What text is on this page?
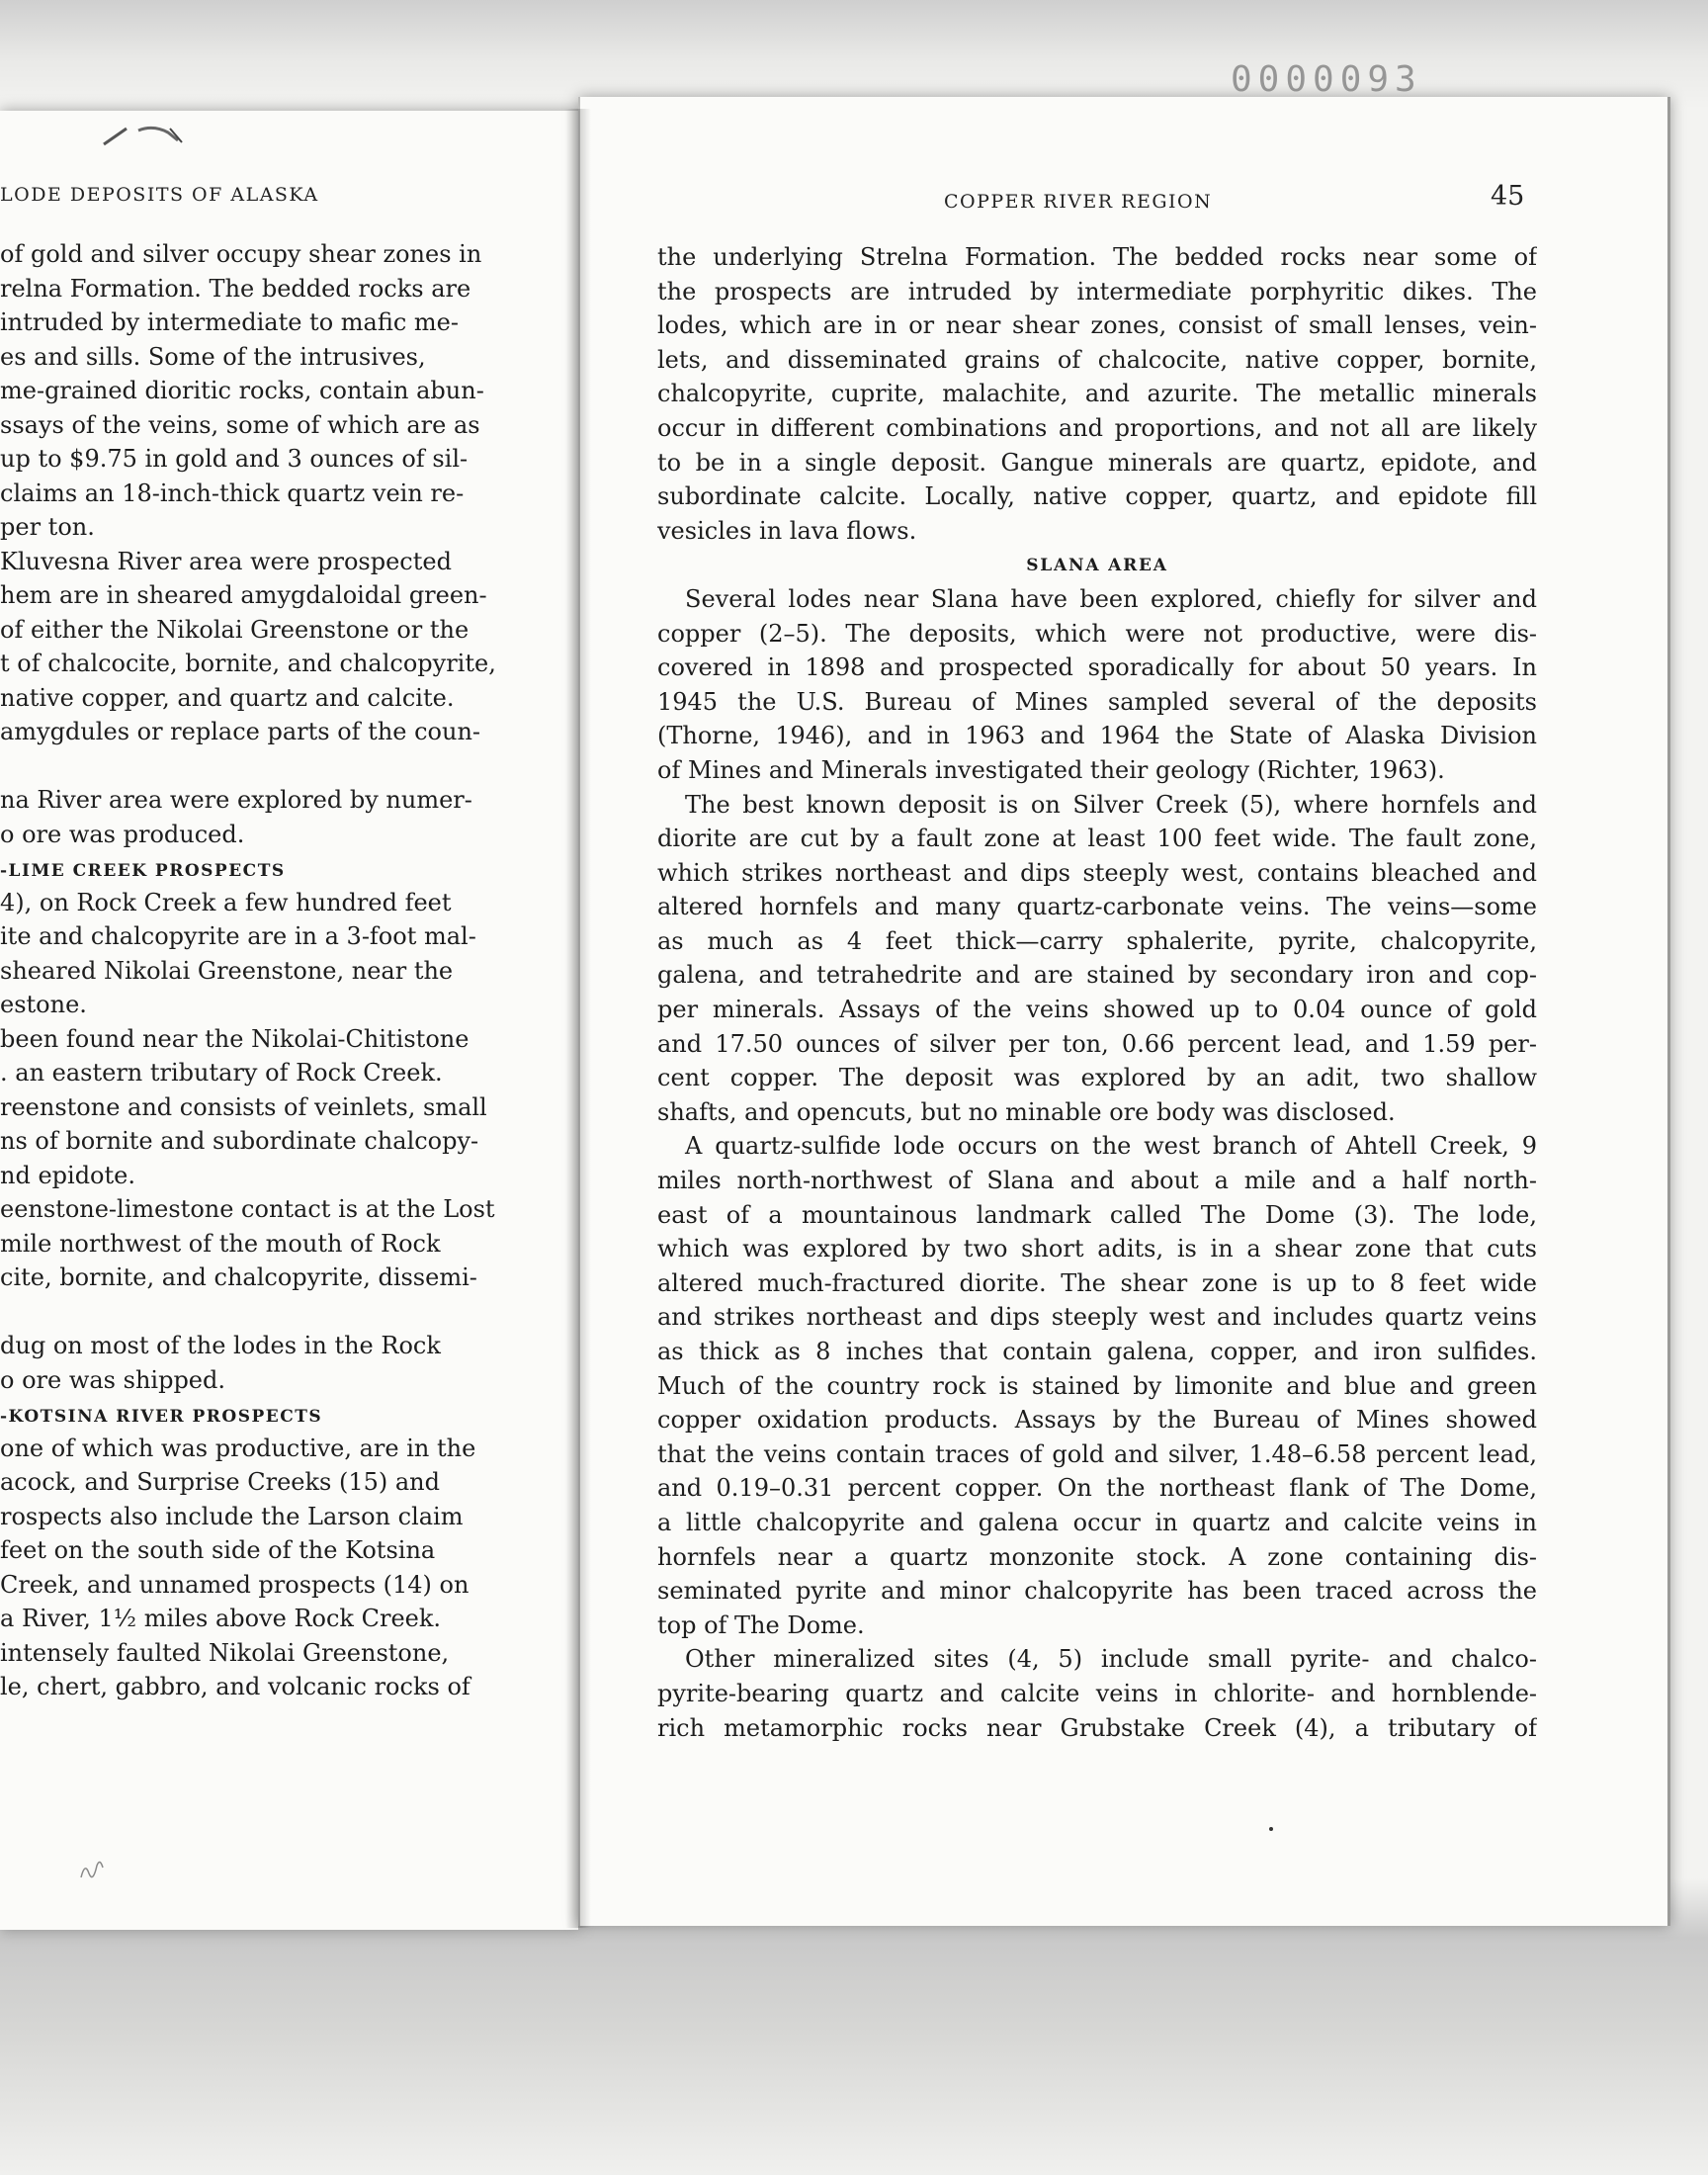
0000093
LODE DEPOSITS OF ALASKA	COPPER RIVER REGION	45
of gold and silver occupy shear zones in
relna Formation. The bedded rocks are
intruded by intermediate to mafic me-
es and sills. Some of the intrusives,
me-grained dioritic rocks, contain abun-
ssays of the veins, some of which are as
up to $9.75 in gold and 3 ounces of sil-
claims an 18-inch-thick quartz vein re-
per ton.
Kluvesna River area were prospected
hem are in sheared amygdaloidal green-
of either the Nikolai Greenstone or the
t of chalcocite, bornite, and chalcopyrite,
native copper, and quartz and calcite.
amygdules or replace parts of the coun-
na River area were explored by numer-
o ore was produced.
-LIME CREEK PROSPECTS
4), on Rock Creek a few hundred feet
ite and chalcopyrite are in a 3-foot mal-
sheared Nikolai Greenstone, near the
estone.
been found near the Nikolai-Chitistone
. an eastern tributary of Rock Creek.
reenstone and consists of veinlets, small
ns of bornite and subordinate chalcopy-
nd epidote.
eenstone-limestone contact is at the Lost
mile northwest of the mouth of Rock
cite, bornite, and chalcopyrite, dissemi-
dug on most of the lodes in the Rock
o ore was shipped.
-KOTSINA RIVER PROSPECTS
one of which was productive, are in the
acock, and Surprise Creeks (15) and
rospects also include the Larson claim
feet on the south side of the Kotsina
Creek, and unnamed prospects (14) on
a River, 1½ miles above Rock Creek.
intensely faulted Nikolai Greenstone,
le, chert, gabbro, and volcanic rocks of
the underlying Strelna Formation. The bedded rocks near some of
the prospects are intruded by intermediate porphyritic dikes. The
lodes, which are in or near shear zones, consist of small lenses, vein-
lets, and disseminated grains of chalcocite, native copper, bornite,
chalcopyrite, cuprite, malachite, and azurite. The metallic minerals
occur in different combinations and proportions, and not all are likely
to be in a single deposit. Gangue minerals are quartz, epidote, and
subordinate calcite. Locally, native copper, quartz, and epidote fill
vesicles in lava flows.
SLANA AREA
Several lodes near Slana have been explored, chiefly for silver and
copper (2–5). The deposits, which were not productive, were dis-
covered in 1898 and prospected sporadically for about 50 years. In
1945 the U.S. Bureau of Mines sampled several of the deposits
(Thorne, 1946), and in 1963 and 1964 the State of Alaska Division
of Mines and Minerals investigated their geology (Richter, 1963).
The best known deposit is on Silver Creek (5), where hornfels and
diorite are cut by a fault zone at least 100 feet wide. The fault zone,
which strikes northeast and dips steeply west, contains bleached and
altered hornfels and many quartz-carbonate veins. The veins—some
as much as 4 feet thick—carry sphalerite, pyrite, chalcopyrite,
galena, and tetrahedrite and are stained by secondary iron and cop-
per minerals. Assays of the veins showed up to 0.04 ounce of gold
and 17.50 ounces of silver per ton, 0.66 percent lead, and 1.59 per-
cent copper. The deposit was explored by an adit, two shallow
shafts, and opencuts, but no minable ore body was disclosed.
A quartz-sulfide lode occurs on the west branch of Ahtell Creek, 9
miles north-northwest of Slana and about a mile and a half north-
east of a mountainous landmark called The Dome (3). The lode,
which was explored by two short adits, is in a shear zone that cuts
altered much-fractured diorite. The shear zone is up to 8 feet wide
and strikes northeast and dips steeply west and includes quartz veins
as thick as 8 inches that contain galena, copper, and iron sulfides.
Much of the country rock is stained by limonite and blue and green
copper oxidation products. Assays by the Bureau of Mines showed
that the veins contain traces of gold and silver, 1.48–6.58 percent lead,
and 0.19–0.31 percent copper. On the northeast flank of The Dome,
a little chalcopyrite and galena occur in quartz and calcite veins in
hornfels near a quartz monzonite stock. A zone containing dis-
seminated pyrite and minor chalcopyrite has been traced across the
top of The Dome.
Other mineralized sites (4, 5) include small pyrite- and chalco-
pyrite-bearing quartz and calcite veins in chlorite- and hornblende-
rich metamorphic rocks near Grubstake Creek (4), a tributary of
